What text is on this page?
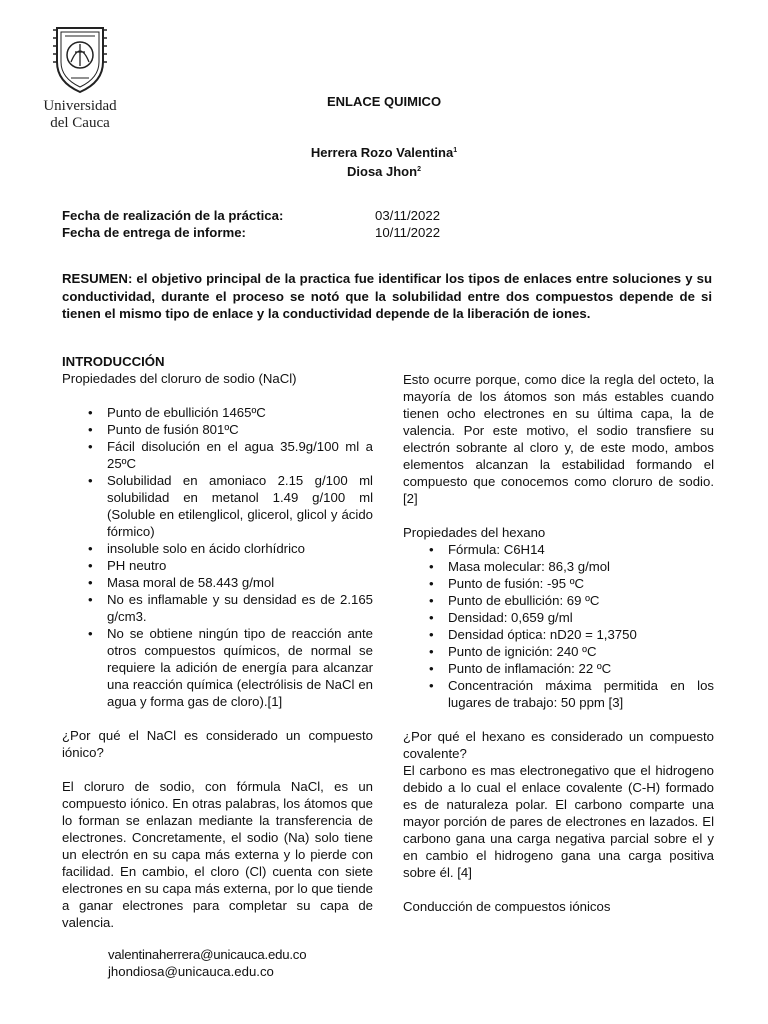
Universidad
del Cauca
ENLACE QUIMICO
Herrera Rozo Valentina$^1$
Diosa Jhon$^2$
Fecha de realización de la práctica:
Fecha de entrega de informe:
03/11/2022
10/11/2022
RESUMEN: el objetivo principal de la practica fue identificar los tipos de enlaces entre soluciones y su conductividad, durante el proceso se notó que la solubilidad entre dos compuestos depende de si tienen el mismo tipo de enlace y la conductividad depende de la liberación de iones.

INTRODUCCIÓN

Propiedades del cloruro de sodio (NaCl)

• Punto de ebullición 1465ºC
• Punto de fusión 801ºC
• Fácil disolución en el agua 35.9g/100 ml a 25ºC
• Solubilidad en amoniaco 2.15 g/100 ml solubilidad en metanol 1.49 g/100 ml (Soluble en etilenglicol, glicerol, glicol y ácido fórmico)
• insoluble solo en ácido clorhídrico
• PH neutro
• Masa moral de 58.443 g/mol
• No es inflamable y su densidad es de 2.165 g/cm3.
• No se obtiene ningún tipo de reacción ante otros compuestos químicos, de normal se requiere la adición de energía para alcanzar una reacción química (electrólisis de NaCl en agua y forma gas de cloro).[1]

¿Por qué el NaCl es considerado un compuesto iónico?

El cloruro de sodio, con fórmula NaCl, es un compuesto iónico. En otras palabras, los átomos que lo forman se enlazan mediante la transferencia de electrones. Concretamente, el sodio (Na) solo tiene un electrón en su capa más externa y lo pierde con facilidad. En cambio, el cloro (Cl) cuenta con siete electrones en su capa más externa, por lo que tiende a ganar electrones para completar su capa de valencia.

Esto ocurre porque, como dice la regla del octeto, la mayoría de los átomos son más estables cuando tienen ocho electrones en su última capa, la de valencia. Por este motivo, el sodio transfiere su electrón sobrante al cloro y, de este modo, ambos elementos alcanzan la estabilidad formando el compuesto que conocemos como cloruro de sodio.[2]

Propiedades del hexano

• Fórmula: C6H14
• Masa molecular: 86,3 g/mol
• Punto de fusión: -95 ºC
• Punto de ebullición: 69 ºC
• Densidad: 0,659 g/ml
• Densidad óptica: nD20 = 1,3750
• Punto de ignición: 240 ºC
• Punto de inflamación: 22 ºC
• Concentración máxima permitida en los lugares de trabajo: 50 ppm [3]

¿Por qué el hexano es considerado un compuesto covalente?

El carbono es mas electronegativo que el hidrogeno debido a lo cual el enlace covalente (C-H) formado es de naturaleza polar. El carbono comparte una mayor porción de pares de electrones en lazados. El carbono gana una carga negativa parcial sobre el y en cambio el hidrogeno gana una carga positiva sobre él. [4]

Conducción de compuestos iónicos

valentinaherrera@unicauca.edu.co
jhondiosa@unicauca.edu.co
